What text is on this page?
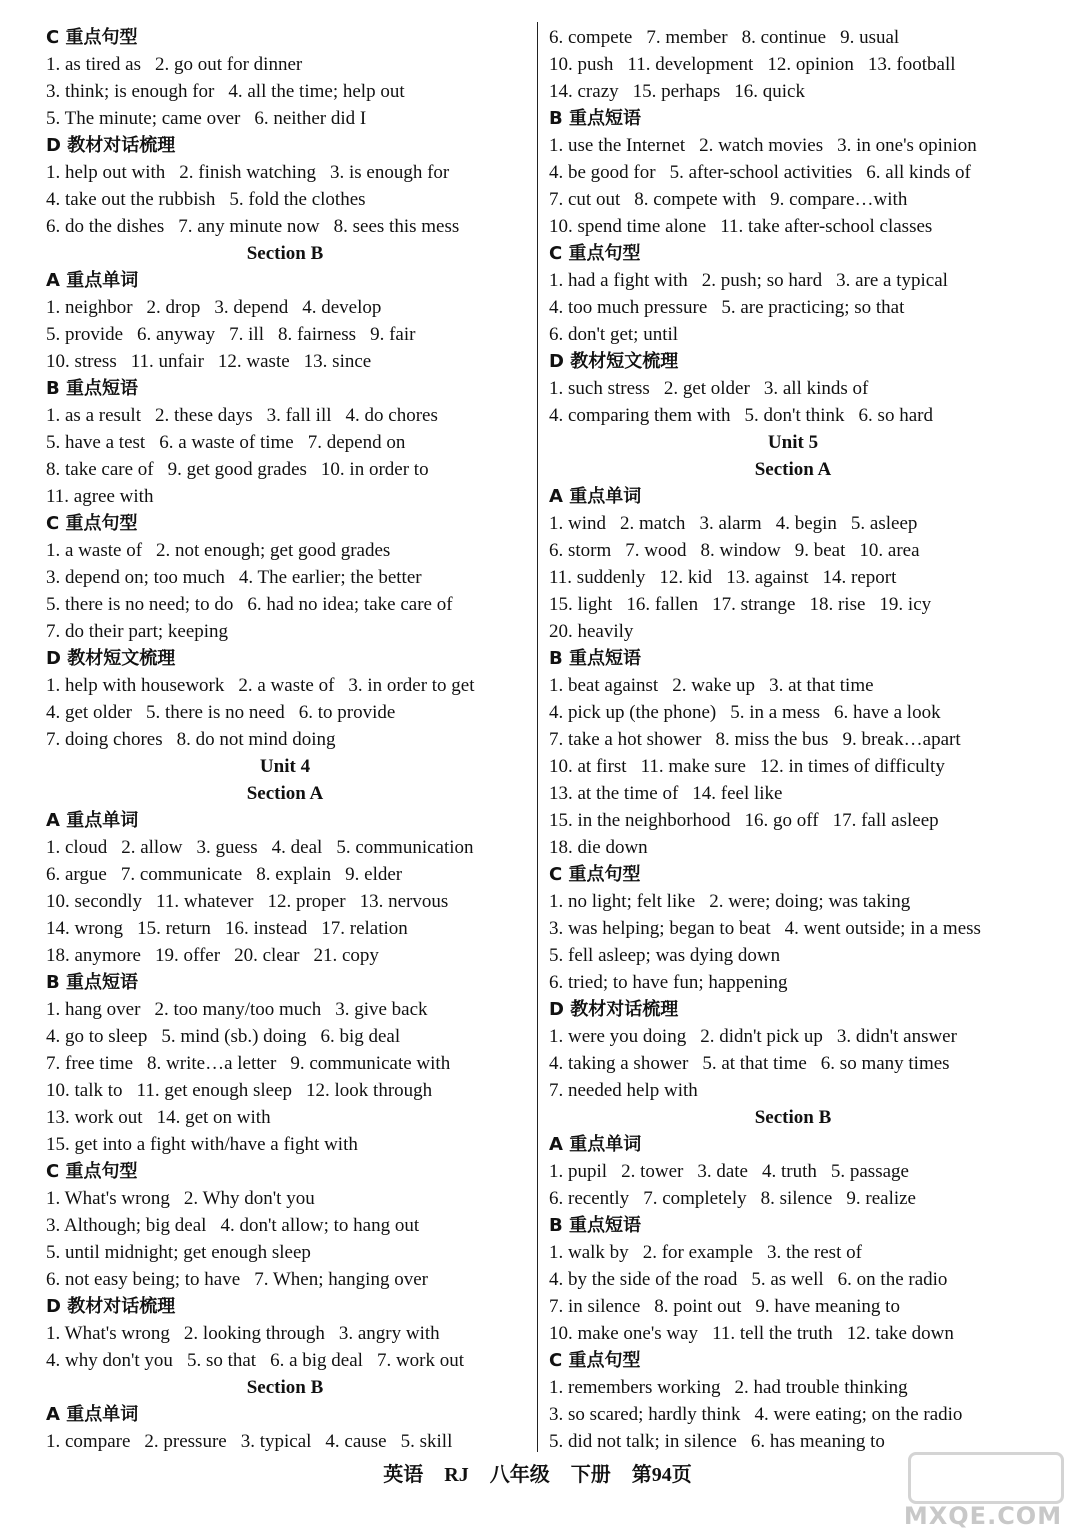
C 重点句型
1. as tired as 2. go out for dinner
3. think; is enough for 4. all the time; help out
5. The minute; came over 6. neither did I
D 教材对话梳理
1. help out with 2. finish watching 3. is enough for
4. take out the rubbish 5. fold the clothes
6. do the dishes 7. any minute now 8. sees this mess
Section B
A 重点单词
1. neighbor 2. drop 3. depend 4. develop
5. provide 6. anyway 7. ill 8. fairness 9. fair
10. stress 11. unfair 12. waste 13. since
B 重点短语
1. as a result 2. these days 3. fall ill 4. do chores
5. have a test 6. a waste of time 7. depend on
8. take care of 9. get good grades 10. in order to
11. agree with
C 重点句型
1. a waste of 2. not enough; get good grades
3. depend on; too much 4. The earlier; the better
5. there is no need; to do 6. had no idea; take care of
7. do their part; keeping
D 教材短文梳理
1. help with housework 2. a waste of 3. in order to get
4. get older 5. there is no need 6. to provide
7. doing chores 8. do not mind doing
Unit 4
Section A
A 重点单词
1. cloud 2. allow 3. guess 4. deal 5. communication
6. argue 7. communicate 8. explain 9. elder
10. secondly 11. whatever 12. proper 13. nervous
14. wrong 15. return 16. instead 17. relation
18. anymore 19. offer 20. clear 21. copy
B 重点短语
1. hang over 2. too many/too much 3. give back
4. go to sleep 5. mind (sb.) doing 6. big deal
7. free time 8. write…a letter 9. communicate with
10. talk to 11. get enough sleep 12. look through
13. work out 14. get on with
15. get into a fight with/have a fight with
C 重点句型
1. What's wrong 2. Why don't you
3. Although; big deal 4. don't allow; to hang out
5. until midnight; get enough sleep
6. not easy being; to have 7. When; hanging over
D 教材对话梳理
1. What's wrong 2. looking through 3. angry with
4. why don't you 5. so that 6. a big deal 7. work out
Section B
A 重点单词
1. compare 2. pressure 3. typical 4. cause 5. skill
6. compete 7. member 8. continue 9. usual
10. push 11. development 12. opinion 13. football
14. crazy 15. perhaps 16. quick
B 重点短语
1. use the Internet 2. watch movies 3. in one's opinion
4. be good for 5. after-school activities 6. all kinds of
7. cut out 8. compete with 9. compare…with
10. spend time alone 11. take after-school classes
C 重点句型
1. had a fight with 2. push; so hard 3. are a typical
4. too much pressure 5. are practicing; so that
6. don't get; until
D 教材短文梳理
1. such stress 2. get older 3. all kinds of
4. comparing them with 5. don't think 6. so hard
Unit 5
Section A
A 重点单词
1. wind 2. match 3. alarm 4. begin 5. asleep
6. storm 7. wood 8. window 9. beat 10. area
11. suddenly 12. kid 13. against 14. report
15. light 16. fallen 17. strange 18. rise 19. icy
20. heavily
B 重点短语
1. beat against 2. wake up 3. at that time
4. pick up (the phone) 5. in a mess 6. have a look
7. take a hot shower 8. miss the bus 9. break…apart
10. at first 11. make sure 12. in times of difficulty
13. at the time of 14. feel like
15. in the neighborhood 16. go off 17. fall asleep
18. die down
C 重点句型
1. no light; felt like 2. were; doing; was taking
3. was helping; began to beat 4. went outside; in a mess
5. fell asleep; was dying down
6. tried; to have fun; happening
D 教材对话梳理
1. were you doing 2. didn't pick up 3. didn't answer
4. taking a shower 5. at that time 6. so many times
7. needed help with
Section B
A 重点单词
1. pupil 2. tower 3. date 4. truth 5. passage
6. recently 7. completely 8. silence 9. realize
B 重点短语
1. walk by 2. for example 3. the rest of
4. by the side of the road 5. as well 6. on the radio
7. in silence 8. point out 9. have meaning to
10. make one's way 11. tell the truth 12. take down
C 重点句型
1. remembers working 2. had trouble thinking
3. so scared; hardly think 4. were eating; on the radio
5. did not talk; in silence 6. has meaning to
英语 RJ 八年级 下册 第94页
MXQE.COM
